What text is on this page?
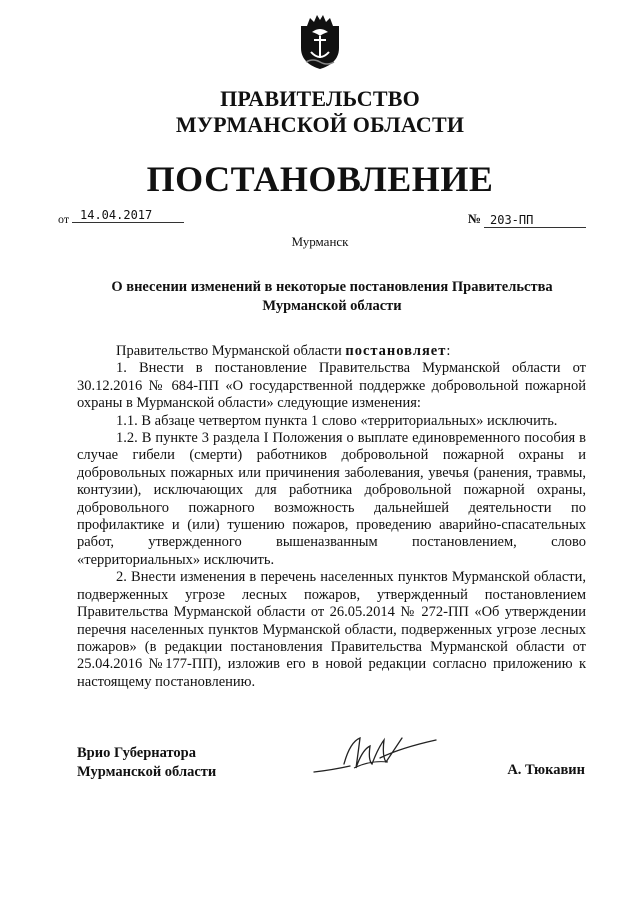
ПРАВИТЕЛЬСТВО
МУРМАНСКОЙ ОБЛАСТИ
ПОСТАНОВЛЕНИЕ
от 14.04.2017	№ 203-ПП
Мурманск
О внесении изменений в некоторые постановления Правительства Мурманской области

Правительство Мурманской области постановляет:

1. Внести в постановление Правительства Мурманской области от 30.12.2016 № 684-ПП «О государственной поддержке добровольной пожарной охраны в Мурманской области» следующие изменения:

1.1. В абзаце четвертом пункта 1 слово «территориальных» исключить.

1.2. В пункте 3 раздела I Положения о выплате единовременного пособия в случае гибели (смерти) работников добровольной пожарной охраны и добровольных пожарных или причинения заболевания, увечья (ранения, травмы, контузии), исключающих для работника добровольной пожарной охраны, добровольного пожарного возможность дальнейшей деятельности по профилактике и (или) тушению пожаров, проведению аварийно-спасательных работ, утвержденного вышеназванным постановлением, слово «территориальных» исключить.

2. Внести изменения в перечень населенных пунктов Мурманской области, подверженных угрозе лесных пожаров, утвержденный постановлением Правительства Мурманской области от 26.05.2014 № 272-ПП «Об утверждении перечня населенных пунктов Мурманской области, подверженных угрозе лесных пожаров» (в редакции постановления Правительства Мурманской области от 25.04.2016 №177-ПП), изложив его в новой редакции согласно приложению к настоящему постановлению.

Врио Губернатора
Мурманской области	А. Тюкавин
